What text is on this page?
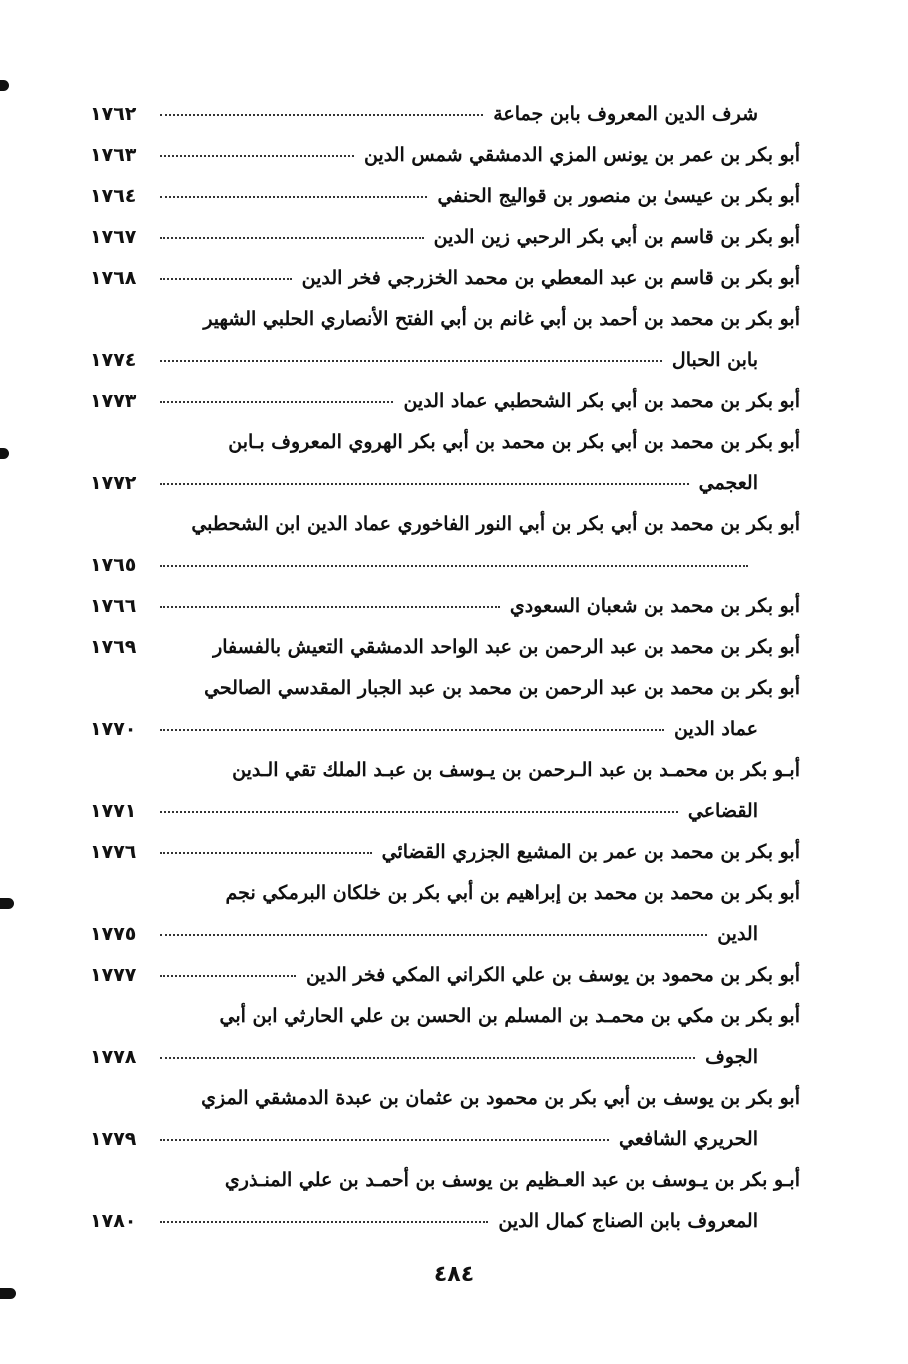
شرف الدين المعروف بابن جماعة
١٧٦٢
أبو بكر بن عمر بن يونس المزي الدمشقي شمس الدين
١٧٦٣
أبو بكر بن عيسىٰ بن منصور بن قواليج الحنفي
١٧٦٤
أبو بكر بن قاسم بن أبي بكر الرحبي زين الدين
١٧٦٧
أبو بكر بن قاسم بن عبد المعطي بن محمد الخزرجي فخر الدين
١٧٦٨
أبو بكر بن محمد بن أحمد بن أبي غانم بن أبي الفتح الأنصاري الحلبي الشهير
بابن الحبال
١٧٧٤
أبو بكر بن محمد بن أبي بكر الشحطبي عماد الدين
١٧٧٣
أبو بكر بن محمد بن أبي بكر بن محمد بن أبي بكر الهروي المعروف بـابن
العجمي
١٧٧٢
أبو بكر بن محمد بن أبي بكر بن أبي النور الفاخوري عماد الدين ابن الشحطبي
١٧٦٥
أبو بكر بن محمد بن شعبان السعودي
١٧٦٦
أبو بكر بن محمد بن عبد الرحمن بن عبد الواحد الدمشقي التعيش بالفسفار
١٧٦٩
أبو بكر بن محمد بن عبد الرحمن بن محمد بن عبد الجبار المقدسي الصالحي
عماد الدين
١٧٧٠
أبـو بكر بن محمـد بن عبد الـرحمن بن يـوسف بن عبـد الملك تقي الـدين
القضاعي
١٧٧١
أبو بكر بن محمد بن عمر بن المشيع الجزري القضائي
١٧٧٦
أبو بكر بن محمد بن محمد بن إبراهيم بن أبي بكر بن خلكان البرمكي نجم
الدين
١٧٧٥
أبو بكر بن محمود بن يوسف بن علي الكراني المكي فخر الدين
١٧٧٧
أبو بكر بن مكي بن محمـد بن المسلم بن الحسن بن علي الحارثي ابن أبي
الجوف
١٧٧٨
أبو بكر بن يوسف بن أبي بكر بن محمود بن عثمان بن عبدة الدمشقي المزي
الحريري الشافعي
١٧٧٩
أبـو بكر بن يـوسف بن عبد العـظيم بن يوسف بن أحمـد بن علي المنـذري
المعروف بابن الصناج كمال الدين
١٧٨٠
٤٨٤
